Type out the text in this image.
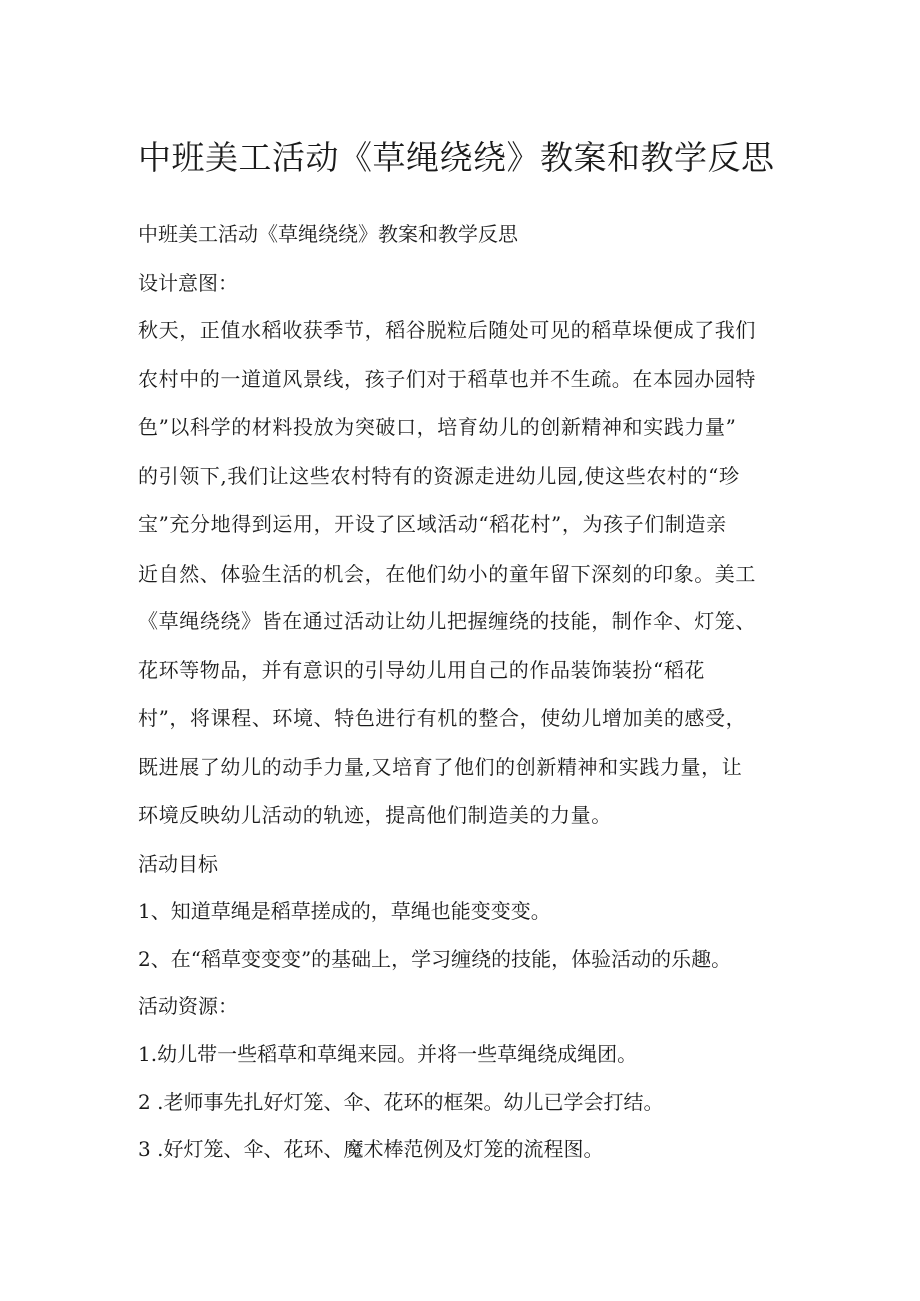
中班美工活动《草绳绕绕》教案和教学反思

中班美工活动《草绳绕绕》教案和教学反思

设计意图：

秋天，正值水稻收获季节，稻谷脱粒后随处可见的稻草垛便成了我们

农村中的一道道风景线，孩子们对于稻草也并不生疏。在本园办园特

色”以科学的材料投放为突破口，培育幼儿的创新精神和实践力量”

的引领下,我们让这些农村特有的资源走进幼儿园,使这些农村的“珍

宝”充分地得到运用，开设了区域活动“稻花村”，为孩子们制造亲

近自然、体验生活的机会，在他们幼小的童年留下深刻的印象。美工

《草绳绕绕》皆在通过活动让幼儿把握缠绕的技能，制作伞、灯笼、

花环等物品，并有意识的引导幼儿用自己的作品装饰装扮“稻花

村”，将课程、环境、特色进行有机的整合，使幼儿增加美的感受，

既进展了幼儿的动手力量,又培育了他们的创新精神和实践力量，让

环境反映幼儿活动的轨迹，提高他们制造美的力量。

活动目标

1、知道草绳是稻草搓成的，草绳也能变变变。

2、在“稻草变变变”的基础上，学习缠绕的技能，体验活动的乐趣。

活动资源：

1.幼儿带一些稻草和草绳来园。并将一些草绳绕成绳团。

2 .老师事先扎好灯笼、伞、花环的框架。幼儿已学会打结。

3 .好灯笼、伞、花环、魔术棒范例及灯笼的流程图。
